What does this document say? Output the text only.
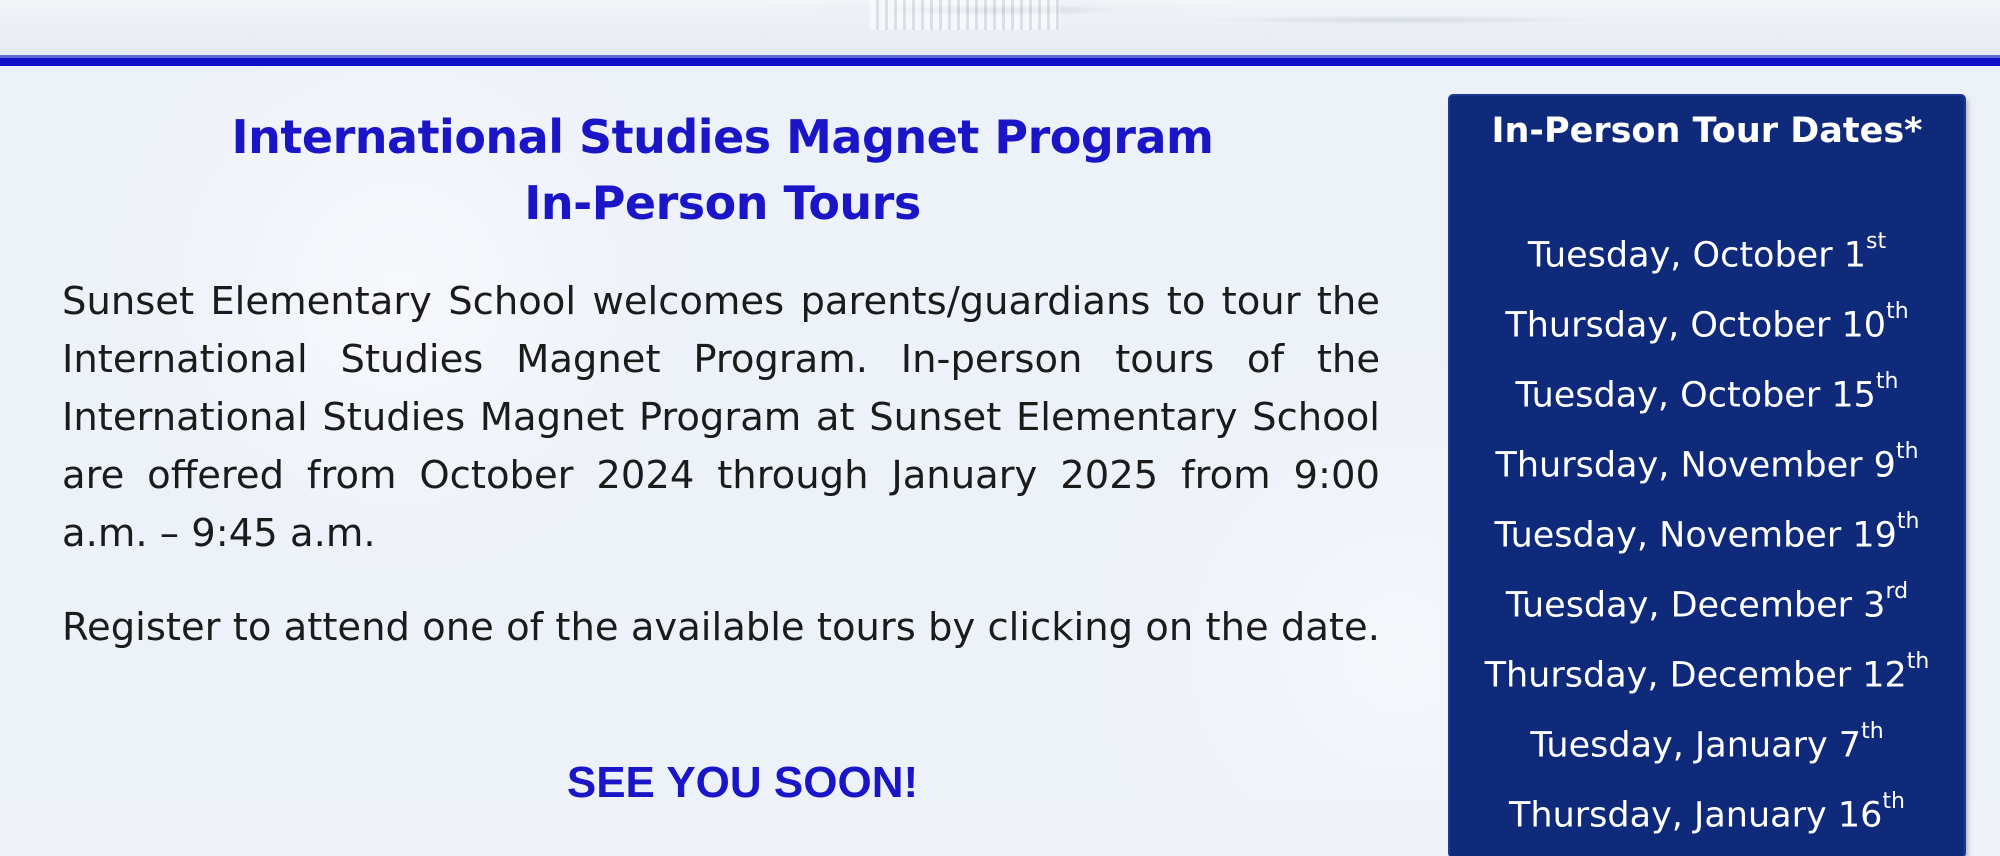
International Studies Magnet Program
In-Person Tours

Sunset Elementary School welcomes parents/guardians to tour the International Studies Magnet Program. In-person tours of the International Studies Magnet Program at Sunset Elementary School are offered from October 2024 through January 2025 from 9:00 a.m. – 9:45 a.m.

Register to attend one of the available tours by clicking on the date.

SEE YOU SOON!

In-Person Tour Dates*
Tuesday, October 1st
Thursday, October 10th
Tuesday, October 15th
Thursday, November 9th
Tuesday, November 19th
Tuesday, December 3rd
Thursday, December 12th
Tuesday, January 7th
Thursday, January 16th
